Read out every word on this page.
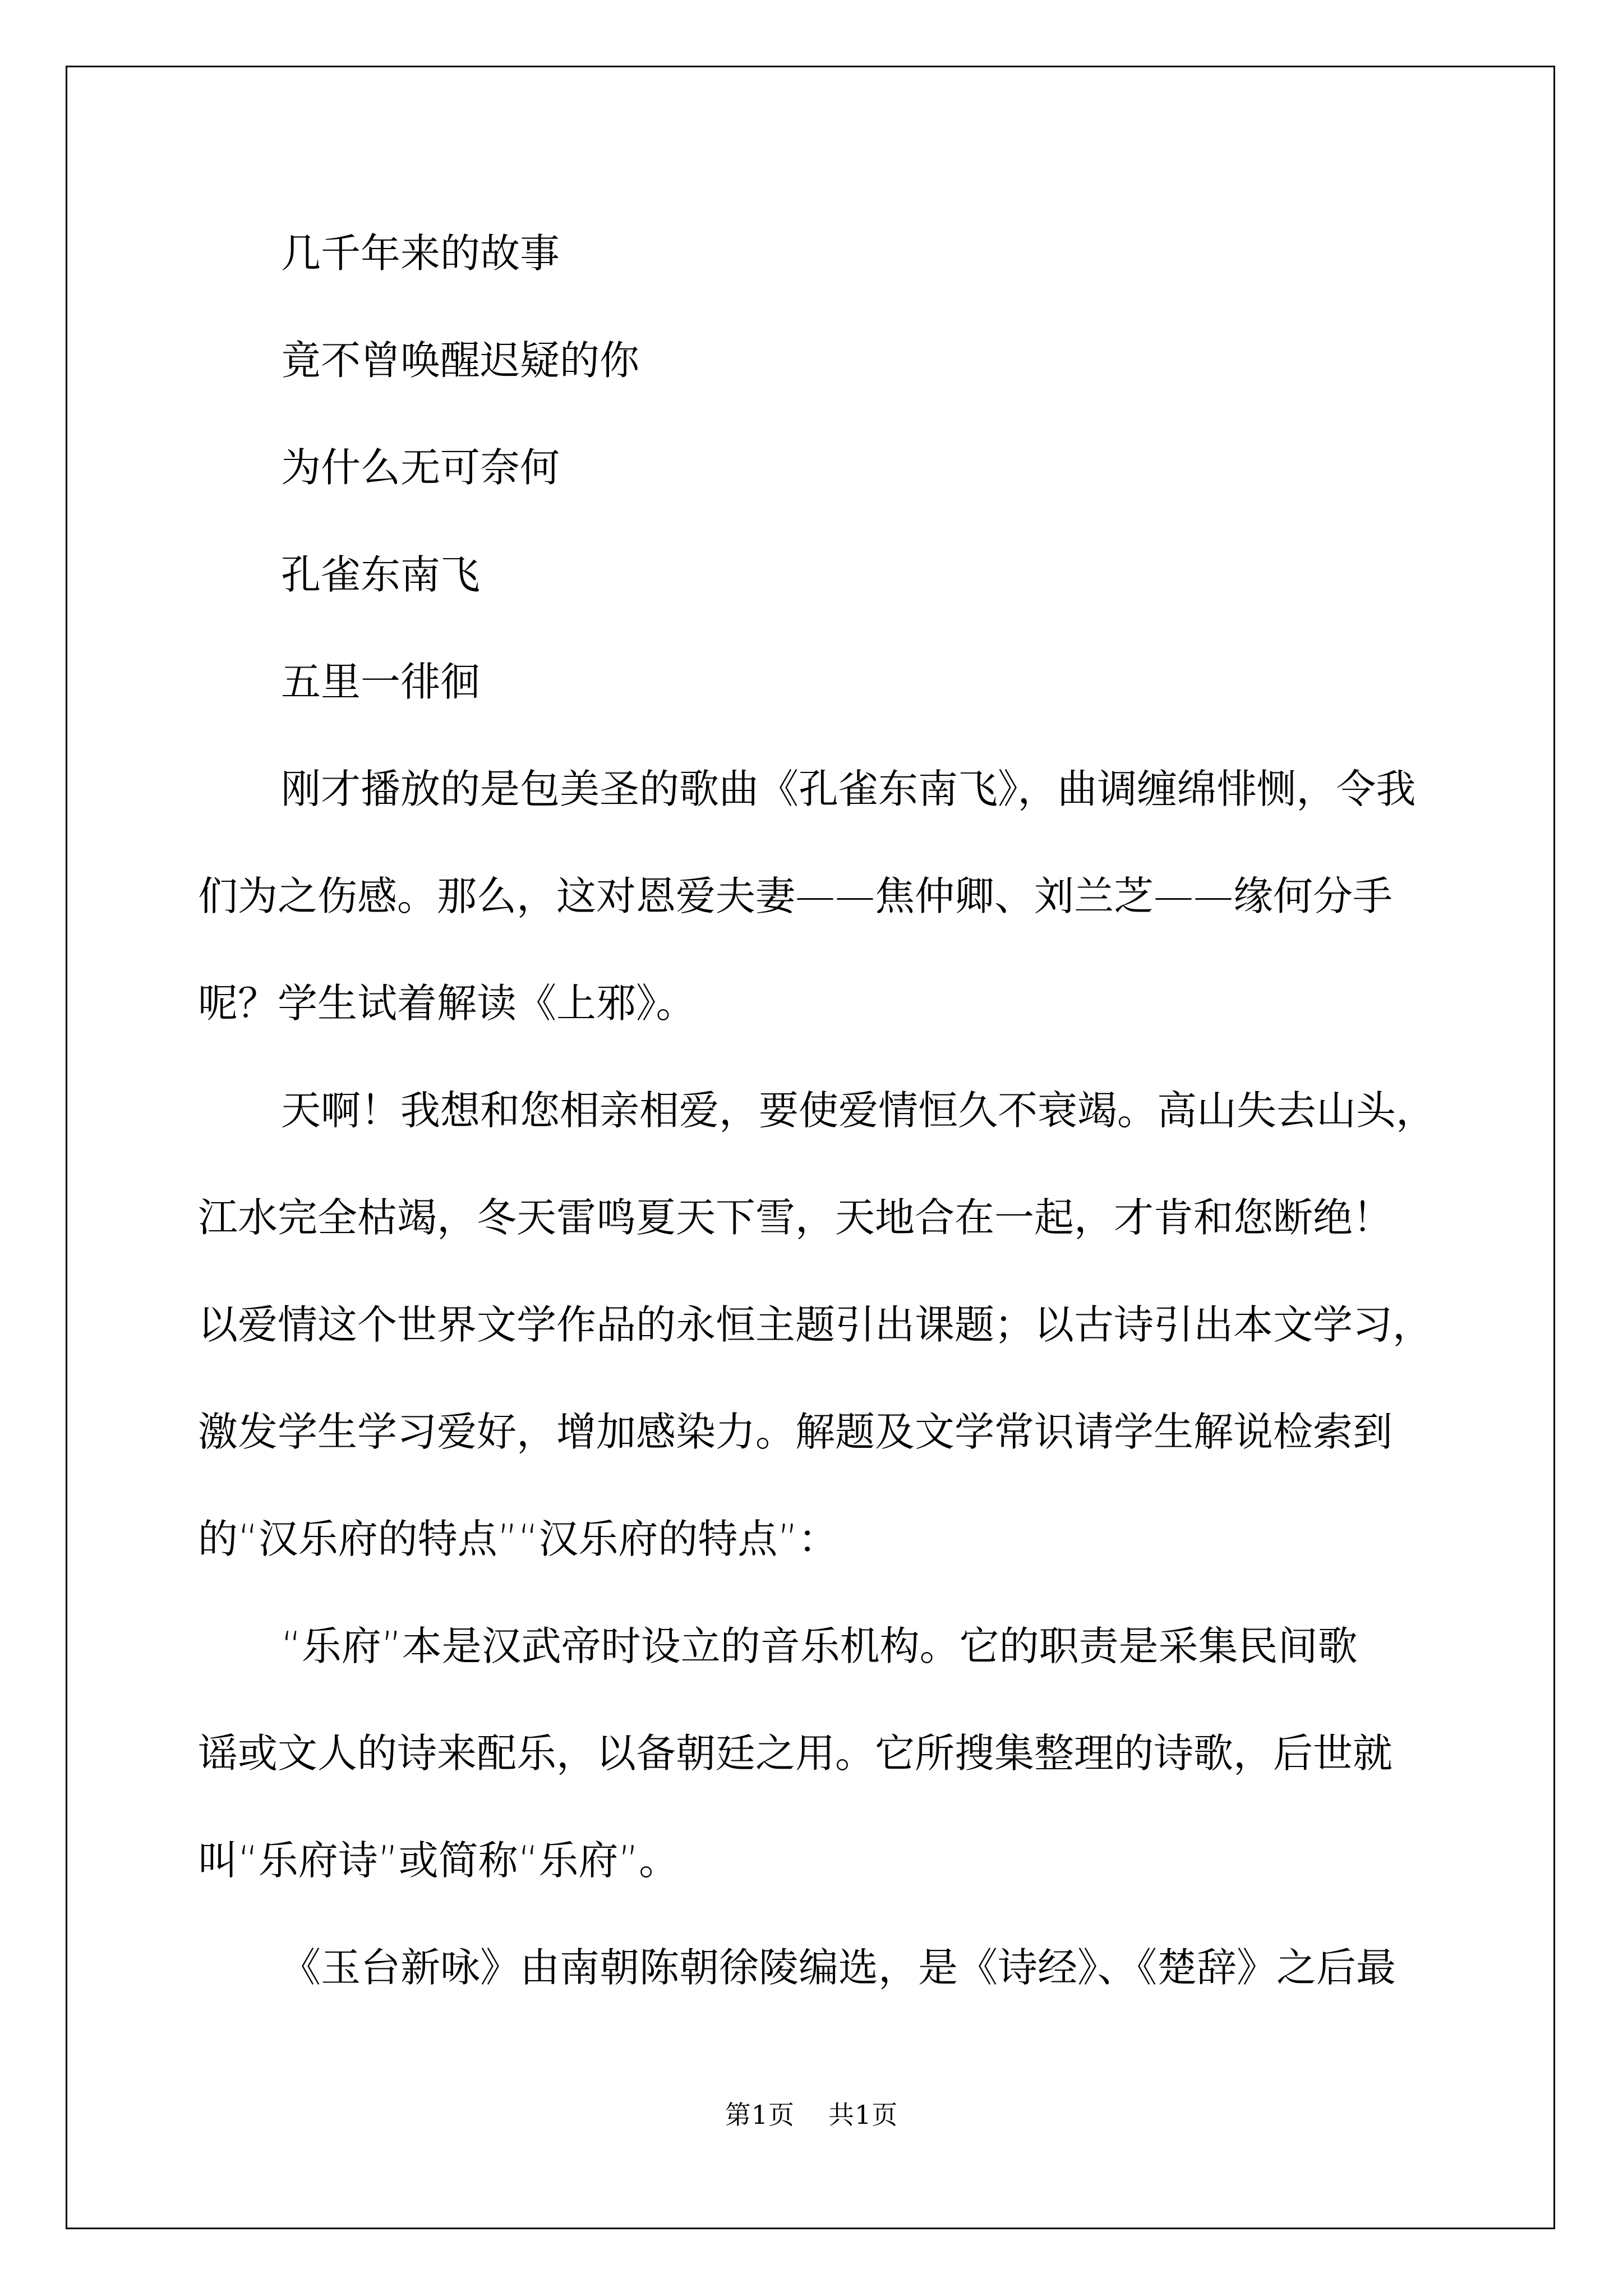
几千年来的故事
竟不曾唤醒迟疑的你
为什么无可奈何
孔雀东南飞
五里一徘徊
刚才播放的是包美圣的歌曲《孔雀东南飞》，曲调缠绵悱恻，令我
们为之伤感。那么，这对恩爱夫妻——焦仲卿、刘兰芝——缘何分手
呢？学生试着解读《上邪》。
天啊！我想和您相亲相爱，要使爱情恒久不衰竭。高山失去山头，
江水完全枯竭，冬天雷鸣夏天下雪，天地合在一起，才肯和您断绝！
以爱情这个世界文学作品的永恒主题引出课题；以古诗引出本文学习，
激发学生学习爱好，增加感染力。解题及文学常识请学生解说检索到
的“汉乐府的特点”“汉乐府的特点”：
“乐府”本是汉武帝时设立的音乐机构。它的职责是采集民间歌
谣或文人的诗来配乐，以备朝廷之用。它所搜集整理的诗歌，后世就
叫“乐府诗”或简称“乐府”。
《玉台新咏》由南朝陈朝徐陵编选，是《诗经》、《楚辞》之后最
第1页 共1页
